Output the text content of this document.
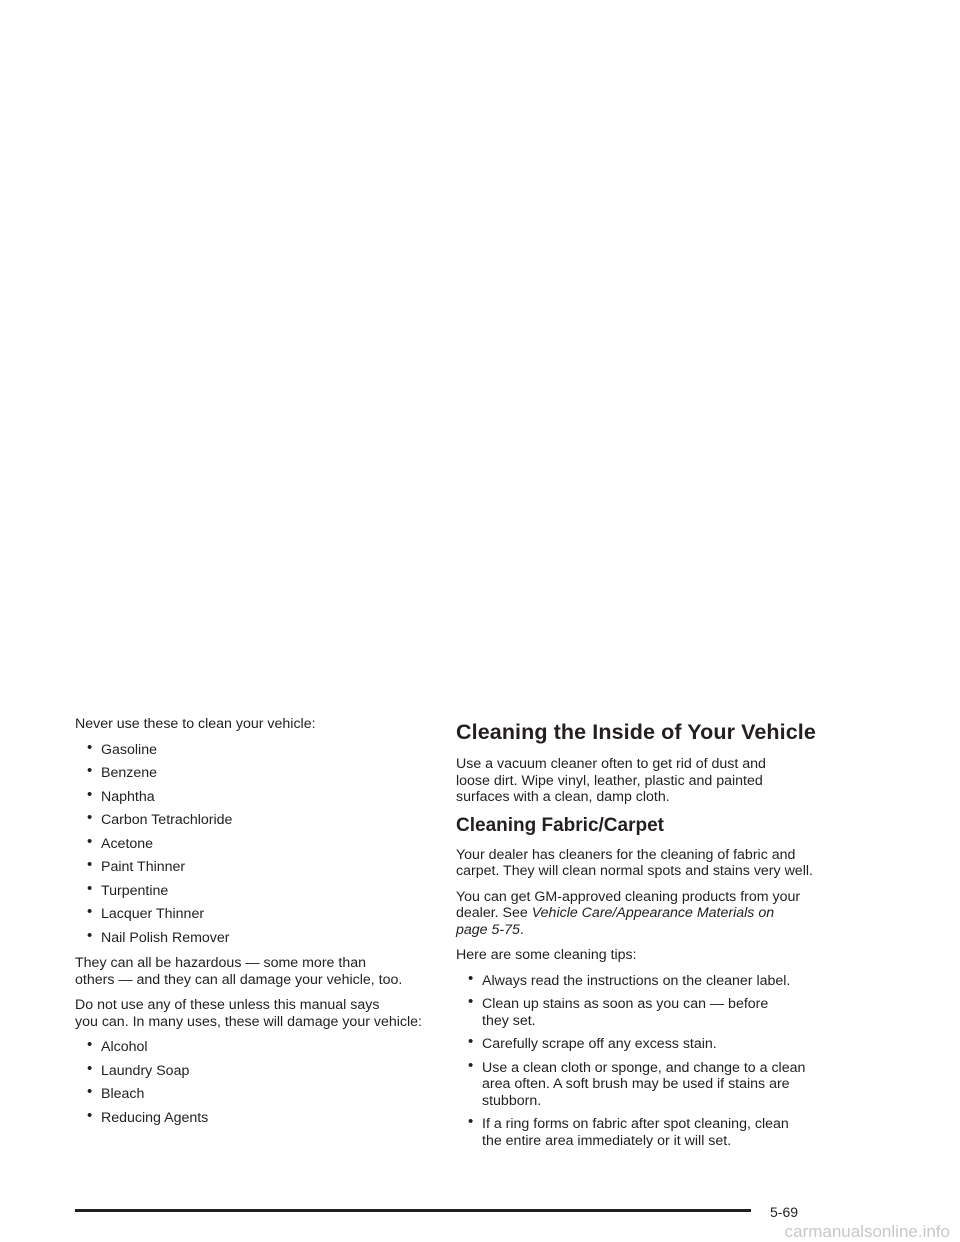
Never use these to clean your vehicle:

• Gasoline
• Benzene
• Naphtha
• Carbon Tetrachloride
• Acetone
• Paint Thinner
• Turpentine
• Lacquer Thinner
• Nail Polish Remover

They can all be hazardous — some more than
others — and they can all damage your vehicle, too.

Do not use any of these unless this manual says
you can. In many uses, these will damage your vehicle:

• Alcohol
• Laundry Soap
• Bleach
• Reducing Agents
Cleaning the Inside of Your Vehicle

Use a vacuum cleaner often to get rid of dust and
loose dirt. Wipe vinyl, leather, plastic and painted
surfaces with a clean, damp cloth.

Cleaning Fabric/Carpet

Your dealer has cleaners for the cleaning of fabric and
carpet. They will clean normal spots and stains very well.

You can get GM-approved cleaning products from your
dealer. See Vehicle Care/Appearance Materials on
page 5-75.

Here are some cleaning tips:

• Always read the instructions on the cleaner label.
• Clean up stains as soon as you can — before
they set.
• Carefully scrape off any excess stain.
• Use a clean cloth or sponge, and change to a clean
area often. A soft brush may be used if stains are
stubborn.
• If a ring forms on fabric after spot cleaning, clean
the entire area immediately or it will set.
5-69
carmanualsonline.info
